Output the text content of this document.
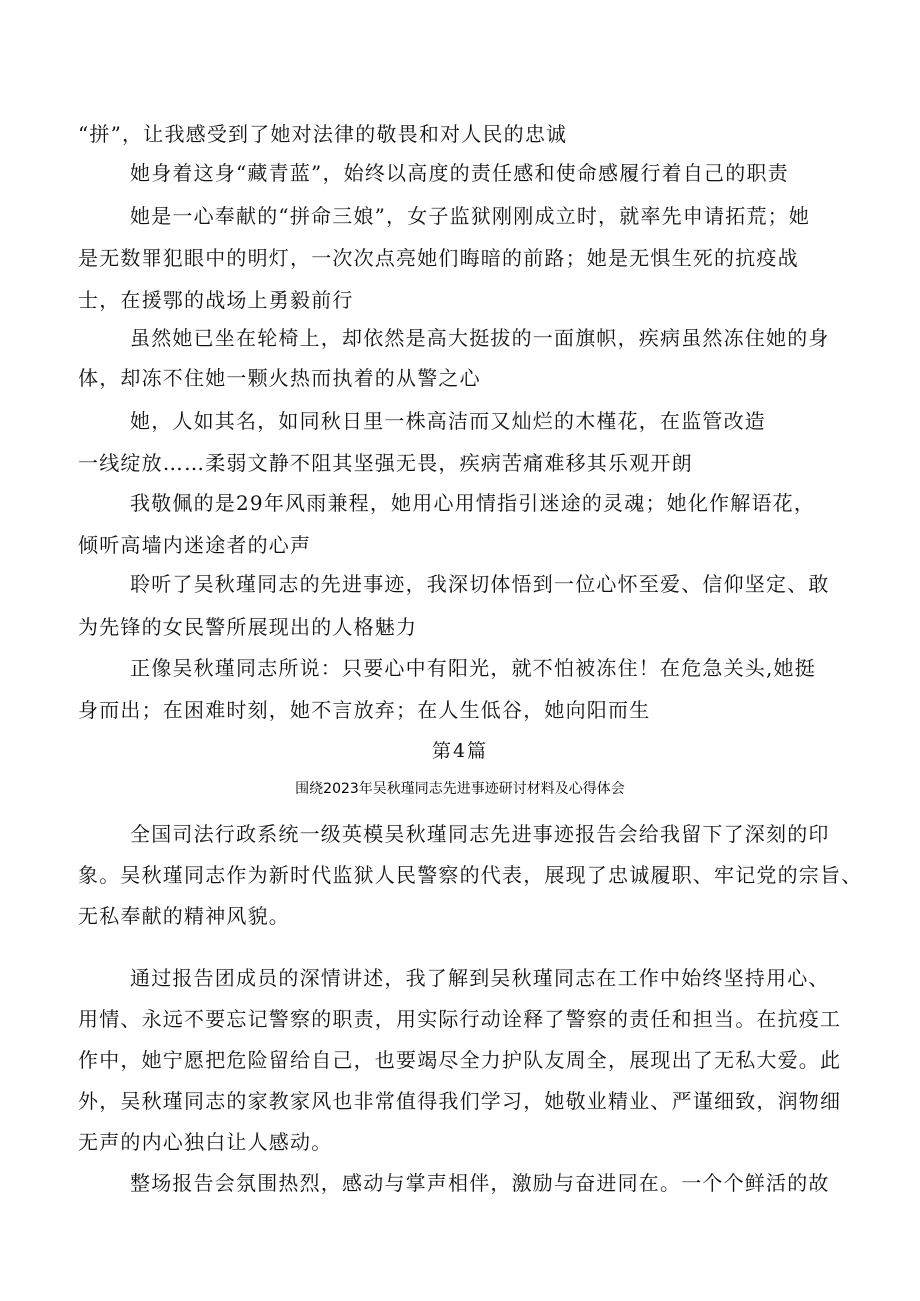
“拼”，让我感受到了她对法律的敬畏和对人民的忠诚
她身着这身“藏青蓝”，始终以高度的责任感和使命感履行着自己的职责
她是一心奉献的“拼命三娘”，女子监狱刚刚成立时，就率先申请拓荒；她
是无数罪犯眼中的明灯，一次次点亮她们晦暗的前路；她是无惧生死的抗疫战
士，在援鄂的战场上勇毅前行
虽然她已坐在轮椅上，却依然是高大挺拔的一面旗帜，疾病虽然冻住她的身
体，却冻不住她一颗火热而执着的从警之心
她，人如其名，如同秋日里一株高洁而又灿烂的木槿花，在监管改造
一线绽放……柔弱文静不阻其坚强无畏，疾病苦痛难移其乐观开朗
我敬佩的是29年风雨兼程，她用心用情指引迷途的灵魂；她化作解语花，
倾听高墙内迷途者的心声
聆听了吴秋瑾同志的先进事迹，我深切体悟到一位心怀至爱、信仰坚定、敢
为先锋的女民警所展现出的人格魅力
正像吴秋瑾同志所说：只要心中有阳光，就不怕被冻住！在危急关头,她挺
身而出；在困难时刻，她不言放弃；在人生低谷，她向阳而生
第4篇
围绕2023年吴秋瑾同志先进事迹研讨材料及心得体会
全国司法行政系统一级英模吴秋瑾同志先进事迹报告会给我留下了深刻的印
象。吴秋瑾同志作为新时代监狱人民警察的代表，展现了忠诚履职、牢记党的宗旨、
无私奉献的精神风貌。
通过报告团成员的深情讲述，我了解到吴秋瑾同志在工作中始终坚持用心、
用情、永远不要忘记警察的职责，用实际行动诠释了警察的责任和担当。在抗疫工
作中，她宁愿把危险留给自己，也要竭尽全力护队友周全，展现出了无私大爱。此
外，吴秋瑾同志的家教家风也非常值得我们学习，她敬业精业、严谨细致，润物细
无声的内心独白让人感动。
整场报告会氛围热烈，感动与掌声相伴，激励与奋进同在。一个个鲜活的故
